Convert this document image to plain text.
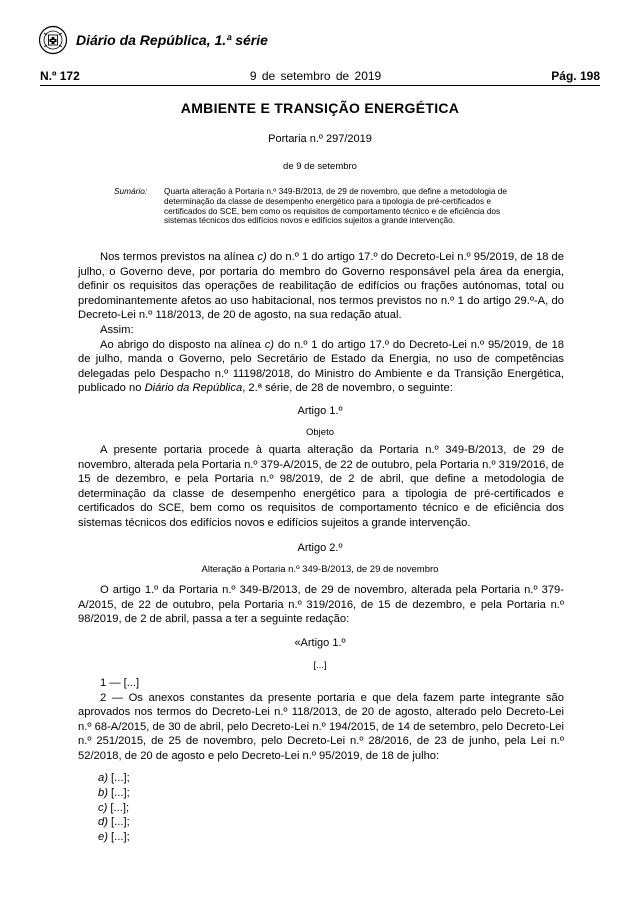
Diário da República, 1.ª série
N.º 172	9 de setembro de 2019	Pág. 198
AMBIENTE E TRANSIÇÃO ENERGÉTICA
Portaria n.º 297/2019
de 9 de setembro
Sumário: Quarta alteração à Portaria n.º 349-B/2013, de 29 de novembro, que define a metodologia de determinação da classe de desempenho energético para a tipologia de pré-certificados e certificados do SCE, bem como os requisitos de comportamento técnico e de eficiência dos sistemas técnicos dos edifícios novos e edifícios sujeitos a grande intervenção.
Nos termos previstos na alínea c) do n.º 1 do artigo 17.º do Decreto-Lei n.º 95/2019, de 18 de julho, o Governo deve, por portaria do membro do Governo responsável pela área da energia, definir os requisitos das operações de reabilitação de edifícios ou frações autónomas, total ou predominantemente afetos ao uso habitacional, nos termos previstos no n.º 1 do artigo 29.º-A, do Decreto-Lei n.º 118/2013, de 20 de agosto, na sua redação atual.
Assim:
Ao abrigo do disposto na alínea c) do n.º 1 do artigo 17.º do Decreto-Lei n.º 95/2019, de 18 de julho, manda o Governo, pelo Secretário de Estado da Energia, no uso de competências delegadas pelo Despacho n.º 11198/2018, do Ministro do Ambiente e da Transição Energética, publicado no Diário da República, 2.ª série, de 28 de novembro, o seguinte:
Artigo 1.º
Objeto
A presente portaria procede à quarta alteração da Portaria n.º 349-B/2013, de 29 de novembro, alterada pela Portaria n.º 379-A/2015, de 22 de outubro, pela Portaria n.º 319/2016, de 15 de dezembro, e pela Portaria n.º 98/2019, de 2 de abril, que define a metodologia de determinação da classe de desempenho energético para a tipologia de pré-certificados e certificados do SCE, bem como os requisitos de comportamento técnico e de eficiência dos sistemas técnicos dos edifícios novos e edifícios sujeitos a grande intervenção.
Artigo 2.º
Alteração à Portaria n.º 349-B/2013, de 29 de novembro
O artigo 1.º da Portaria n.º 349-B/2013, de 29 de novembro, alterada pela Portaria n.º 379-A/2015, de 22 de outubro, pela Portaria n.º 319/2016, de 15 de dezembro, e pela Portaria n.º 98/2019, de 2 de abril, passa a ter a seguinte redação:
«Artigo 1.º
[...]
1 — [...]
2 — Os anexos constantes da presente portaria e que dela fazem parte integrante são aprovados nos termos do Decreto-Lei n.º 118/2013, de 20 de agosto, alterado pelo Decreto-Lei n.º 68-A/2015, de 30 de abril, pelo Decreto-Lei n.º 194/2015, de 14 de setembro, pelo Decreto-Lei n.º 251/2015, de 25 de novembro, pelo Decreto-Lei n.º 28/2016, de 23 de junho, pela Lei n.º 52/2018, de 20 de agosto e pelo Decreto-Lei n.º 95/2019, de 18 de julho:
a) [...];
b) [...];
c) [...];
d) [...];
e) [...];
